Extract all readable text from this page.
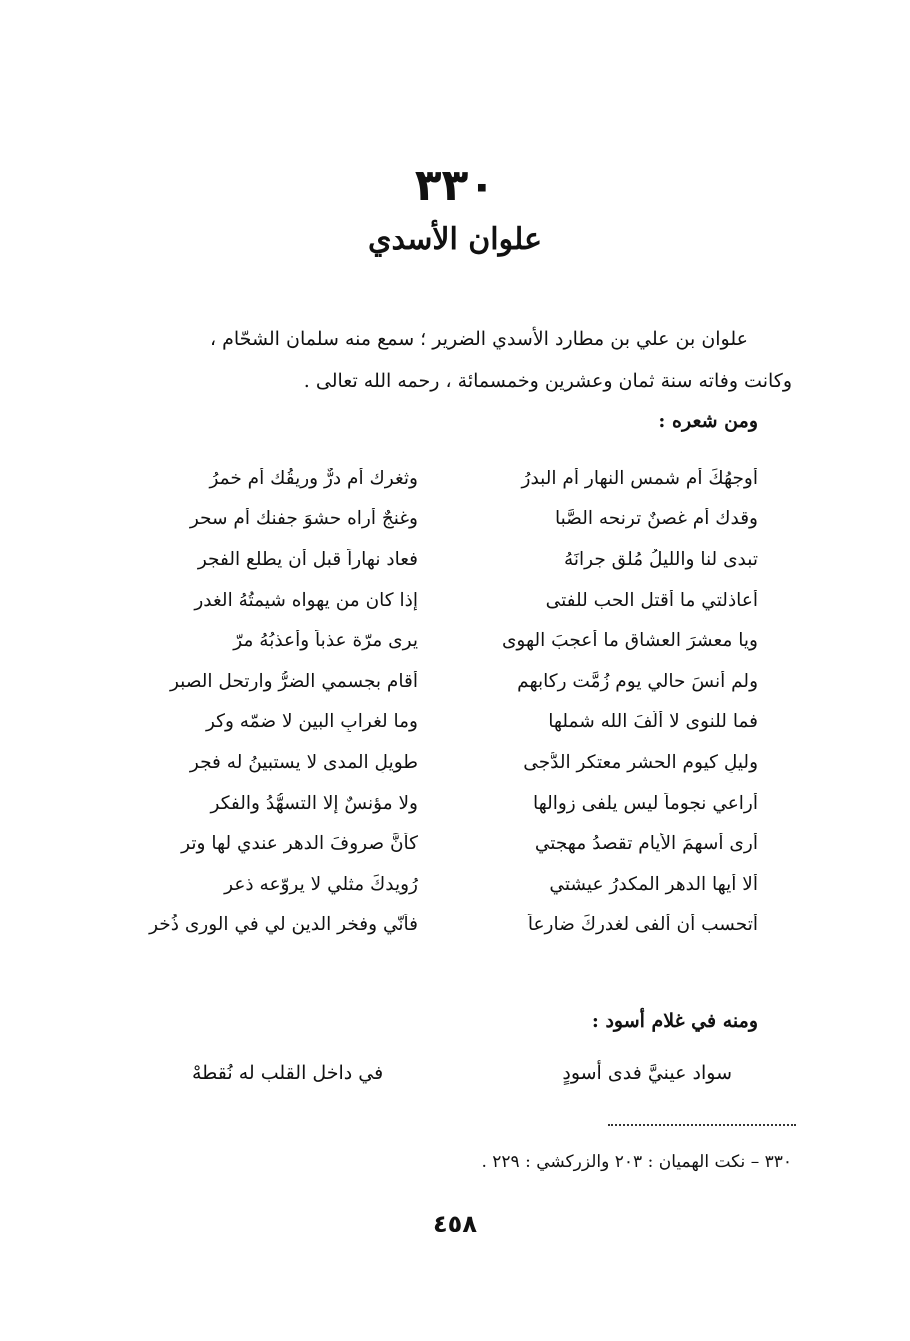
٣٣٠
علوان الأسدي
علوان بن علي بن مطارد الأسدي الضرير ؛ سمع منه سلمان الشحّام ،
وكانت وفاته سنة ثمان وعشرين وخمسمائة ، رحمه الله تعالى .
ومن شعره :
أوجهُكَ أم شمس النهار أم البدرُ
وثغرك أم درٌّ وريقُك أم خمرُ
وقدك أم غصنٌ ترنحه الصَّبا
وغنجٌ أراه حشوَ جفنك أم سحر
تبدى لنا والليلُ مُلقٍ جرانَهُ
فعاد نهاراً قبل أن يطلع الفجر
أعاذلتي ما أقتل الحب للفتى
إذا كان من يهواه شيمتُهُ الغدر
ويا معشرَ العشاق ما أعجبَ الهوى
يرى مرّة عذباً وأعذبُهُ مرّ
ولم أنسَ حالي يوم زُمَّت ركابهم
أقام بجسمي الضرُّ وارتحل الصبر
فما للنوى لا ألَّفَ الله شملها
وما لغرابِ البين لا ضمّه وكر
وليلٍ كيومِ الحشرِ معتكرِ الدُّجى
طويلِ المدى لا يستبينُ له فجر
أراعي نجوماً ليس يلفى زوالها
ولا مؤنسٌ إلا التسهُّدُ والفكر
أرى أسهمَ الأيام تقصدُ مهجتي
كأنَّ صروفَ الدهر عندي لها وتر
ألا أيها الدهر المكدرُ عيشتي
رُويدكَ مثلي لا يروّعه ذعر
أتحسب أن ألفى لغدركَ ضارعاً
فأنّي وفخر الدين لي في الورى ذُخر
ومنه في غلام أسود :
سواد عينيَّ فدى أسودٍ
في داخل القلب له نُقطهْ
٣٣٠ – نكت الهميان : ٢٠٣ والزركشي : ٢٢٩ .
٤٥٨
